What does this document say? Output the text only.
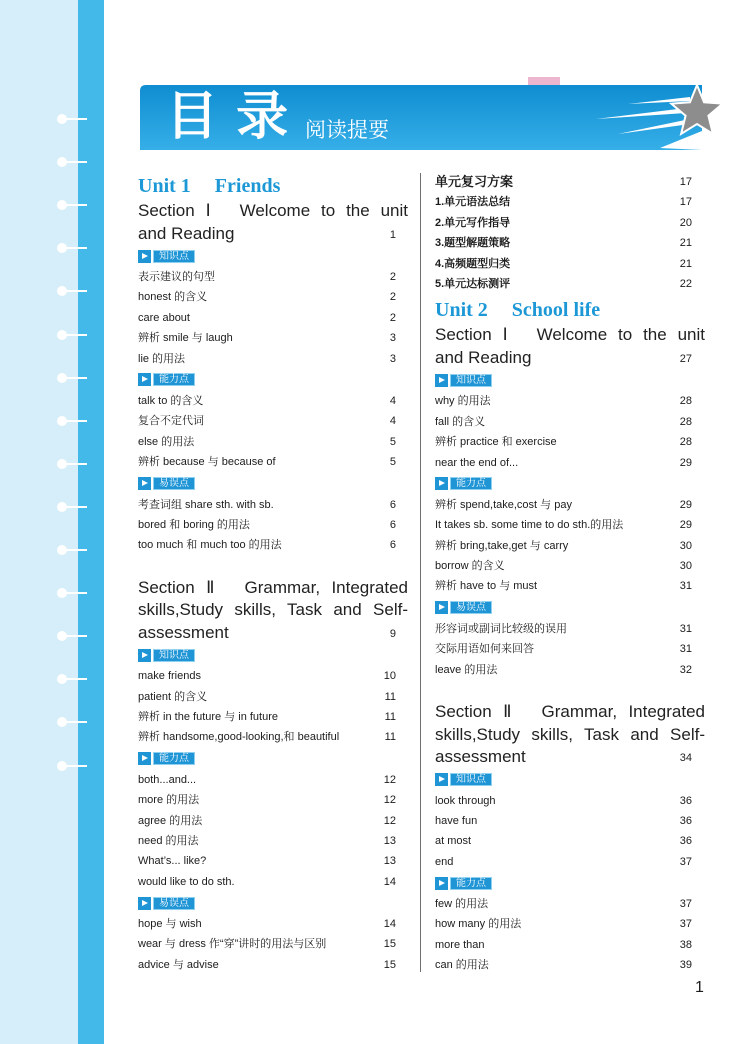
目 录 阅读提要
Unit 1 Friends
Section Ⅰ Welcome to the unit
and Reading	1
知识点
表示建议的句型	2
honest 的含义	2
care about	2
辨析 smile 与 laugh	3
lie 的用法	3
能力点
talk to 的含义	4
复合不定代词	4
else 的用法	5
辨析 because 与 because of	5
易误点
考查词组 share sth. with sb.	6
bored 和 boring 的用法	6
too much 和 much too 的用法	6
Section Ⅱ Grammar, Integrated
skills,Study skills, Task and Self-
assessment	9
知识点
make friends	10
patient 的含义	11
辨析 in the future 与 in future	11
辨析 handsome,good-looking,和 beautiful	11
能力点
both...and...	12
more 的用法	12
agree 的用法	12
need 的用法	13
What’s... like?	13
would like to do sth.	14
易误点
hope 与 wish	14
wear 与 dress 作“穿”讲时的用法与区别	15
advice 与 advise	15
单元复习方案	17
1.单元语法总结	17
2.单元写作指导	20
3.题型解题策略	21
4.高频题型归类	21
5.单元达标测评	22
Unit 2 School life
Section Ⅰ Welcome to the unit
and Reading	27
知识点
why 的用法	28
fall 的含义	28
辨析 practice 和 exercise	28
near the end of...	29
能力点
辨析 spend,take,cost 与 pay	29
It takes sb. some time to do sth.的用法	29
辨析 bring,take,get 与 carry	30
borrow 的含义	30
辨析 have to 与 must	31
易误点
形容词或副词比较级的误用	31
交际用语如何来回答	31
leave 的用法	32
Section Ⅱ Grammar, Integrated
skills,Study skills, Task and Self-
assessment	34
知识点
look through	36
have fun	36
at most	36
end	37
能力点
few 的用法	37
how many 的用法	37
more than	38
can 的用法	39
1
